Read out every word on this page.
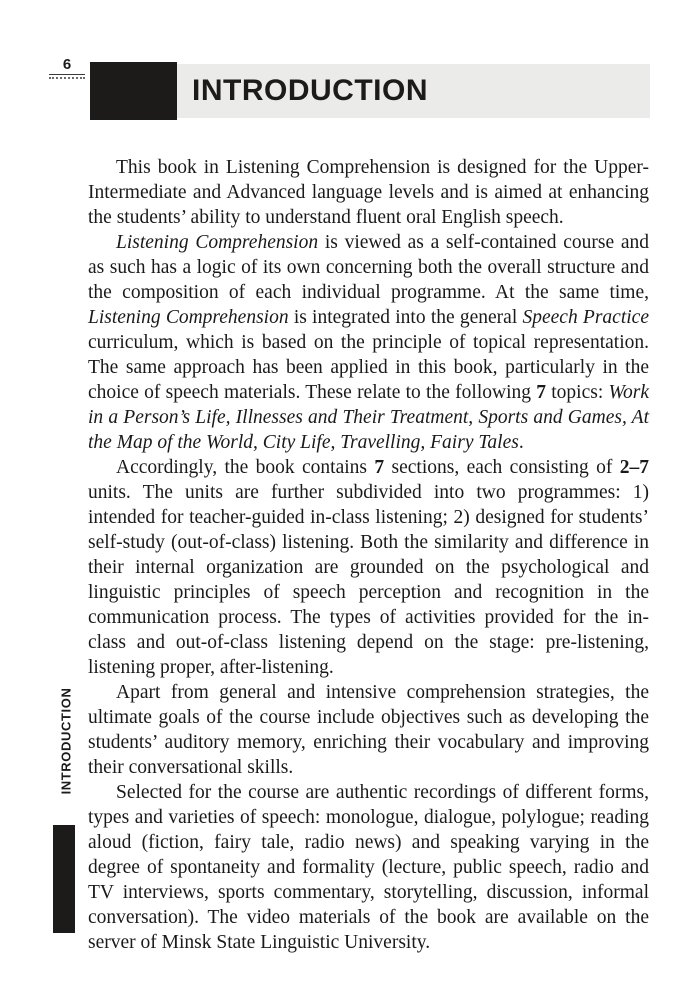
6
INTRODUCTION

This book in Listening Comprehension is designed for the Upper-Intermediate and Advanced language levels and is aimed at enhancing the students’ ability to understand fluent oral English speech.

Listening Comprehension is viewed as a self-contained course and as such has a logic of its own concerning both the overall structure and the composition of each individual programme. At the same time, Listening Comprehension is integrated into the general Speech Practice curriculum, which is based on the principle of topical representation. The same approach has been applied in this book, particularly in the choice of speech materials. These relate to the following 7 topics: Work in a Person’s Life, Illnesses and Their Treatment, Sports and Games, At the Map of the World, City Life, Travelling, Fairy Tales.

Accordingly, the book contains 7 sections, each consisting of 2–7 units. The units are further subdivided into two programmes: 1) intended for teacher-guided in-class listening; 2) designed for students’ self-study (out-of-class) listening. Both the similarity and difference in their internal organization are grounded on the psychological and linguistic principles of speech perception and recognition in the communication process. The types of activities provided for the in-class and out-of-class listening depend on the stage: pre-listening, listening proper, after-listening.

Apart from general and intensive comprehension strategies, the ultimate goals of the course include objectives such as developing the students’ auditory memory, enriching their vocabulary and improving their conversational skills.

Selected for the course are authentic recordings of different forms, types and varieties of speech: monologue, dialogue, polylogue; reading aloud (fiction, fairy tale, radio news) and speaking varying in the degree of spontaneity and formality (lecture, public speech, radio and TV interviews, sports commentary, storytelling, discussion, informal conversation). The video materials of the book are available on the server of Minsk State Linguistic University.

INTRODUCTION
